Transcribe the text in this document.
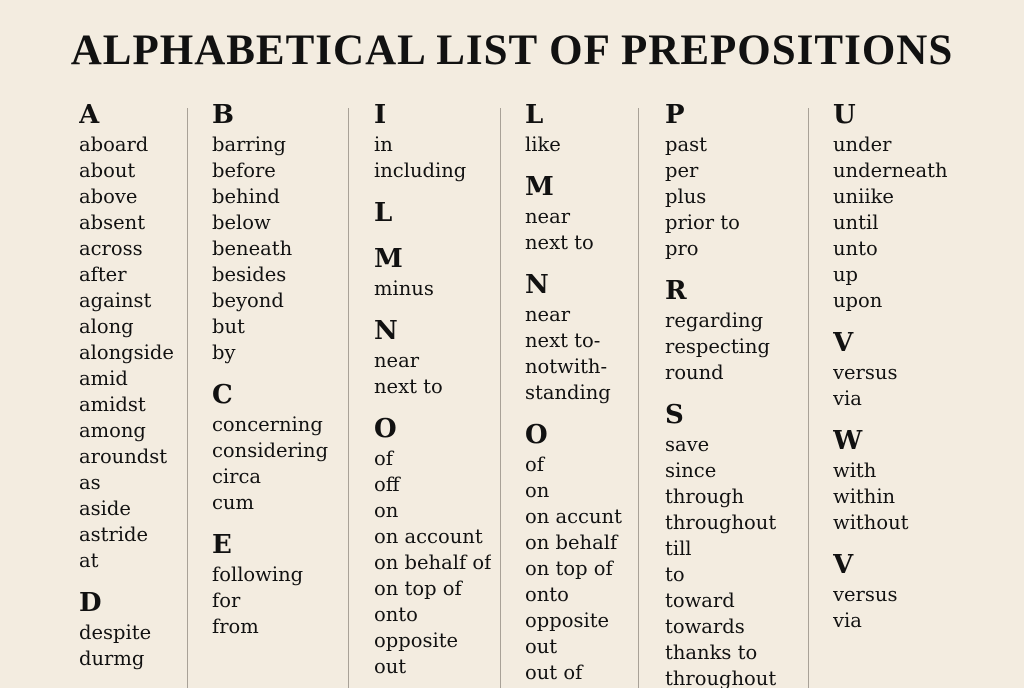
ALPHABETICAL LIST OF PREPOSITIONS
A
aboard
about
above
absent
across
after
against
along
alongside
amid
amidst
among
aroundst
as
aside
astride
at
D
despite
durmg
B
barring
before
behind
below
beneath
besides
beyond
but
by
C
concerning
considering
circa
cum
E
following
for
from
I
in
including
L
M
minus
N
near
next to
O
of
off
on
on account
on behalf of
on top of
onto
opposite
out
L
like
M
near
next to
N
near
next to-
notwith-
standing
O
of
on
on accunt
on behalf
on top of
onto
opposite
out
out of
P
past
per
plus
prior to
pro
R
regarding
respecting
round
S
save
since
through
throughout
till
to
toward
towards
thanks to
throughout
U
under
underneath
uniike
until
unto
up
upon
V
versus
via
W
with
within
without
V
versus
via
